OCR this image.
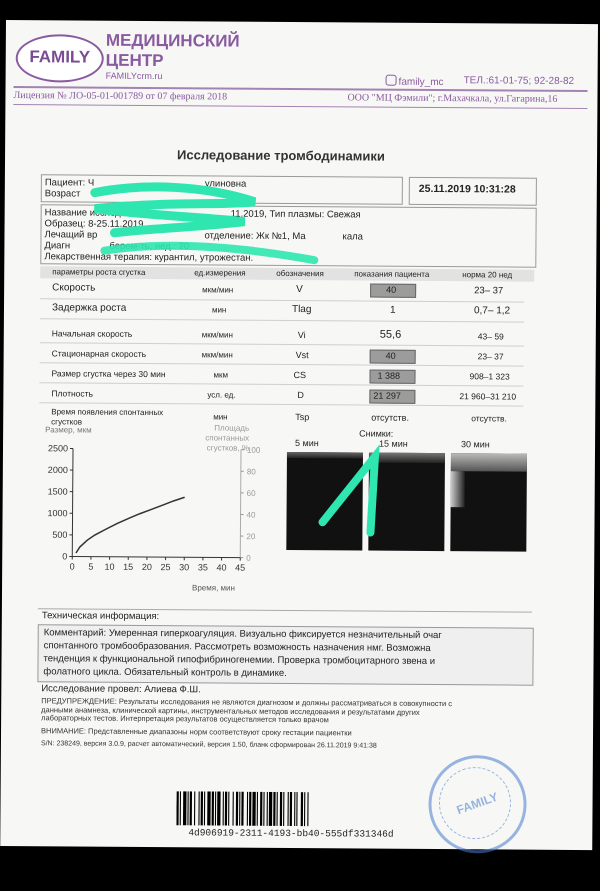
FAMILY
МЕДИЦИНСКИЙ
ЦЕНТР
FAMILYcrm.ru
family_mc ТЕЛ.:61-01-75; 92-28-82
Лицензия № ЛО-05-01-001789 от 07 февраля 2018	ООО "МЦ Фэмили"; г.Махачкала, ул.Гагарина,16
Исследование тромбодинамики
Пациент: Ч	улиновна
Возраст	25.11.2019 10:31:28
Название исследо	11.2019, Тип плазмы: Свежая
Образец: 8-25.11.2019
Лечащий вр	отделение: Жк №1, Ма	кала
Диагн	берем-ть, нед.: 20
Лекарственная терапия: курантил, утрожестан.
параметры роста сгустка	ед.измерения	обозначения	показания пациента	норма 20 нед
Скорость	мкм/мин	V	40	23– 37
Задержка роста	мин	Tlag	1	0,7– 1,2
Начальная скорость	мкм/мин	Vi	55,6	43– 59
Стационарная скорость	мкм/мин	Vst	40	23– 37
Размер сгустка через 30 мин	мкм	CS	1 388	908–1 323
Плотность	усл. ед.	D	21 297	21 960–31 210
Время появления спонтанных
сгустков
мин	Tsp	отсутств.	отсутств.
Размер, мкм	Площадь спонтанных сгустков, %
0
500
1000
1500
2000
2500
0
20
40
60
80
100
0 5 10 15 20 25 30 35 40 45
Время, мин
Снимки:
5 мин	15 мин	30 мин
Техническая информация:
Комментарий: Умеренная гиперкоагуляция. Визуально фиксируется незначительный очаг
спонтанного тромбообразования. Рассмотреть возможность назначения нмг. Возможна
тенденция к функциональной гипофибриногенемии. Проверка тромбоцитарного звена и
фолатного цикла. Обязательный контроль в динамике.
Исследование провел: Алиева Ф.Ш.
ПРЕДУПРЕЖДЕНИЕ: Результаты исследования не являются диагнозом и должны рассматриваться в совокупности с
данными анамнеза, клинической картины, инструментальных методов исследования и результатами других
лабораторных тестов. Интерпретация результатов осуществляется только врачом
ВНИМАНИЕ: Представленные диапазоны норм соответствуют сроку гестации пациентки
S/N: 238249, версия 3.0.9, расчет автоматический, версия 1.50, бланк сформирован 26.11.2019 9:41:38
4d906919-2311-4193-bb40-555df331346d
FAMILY
